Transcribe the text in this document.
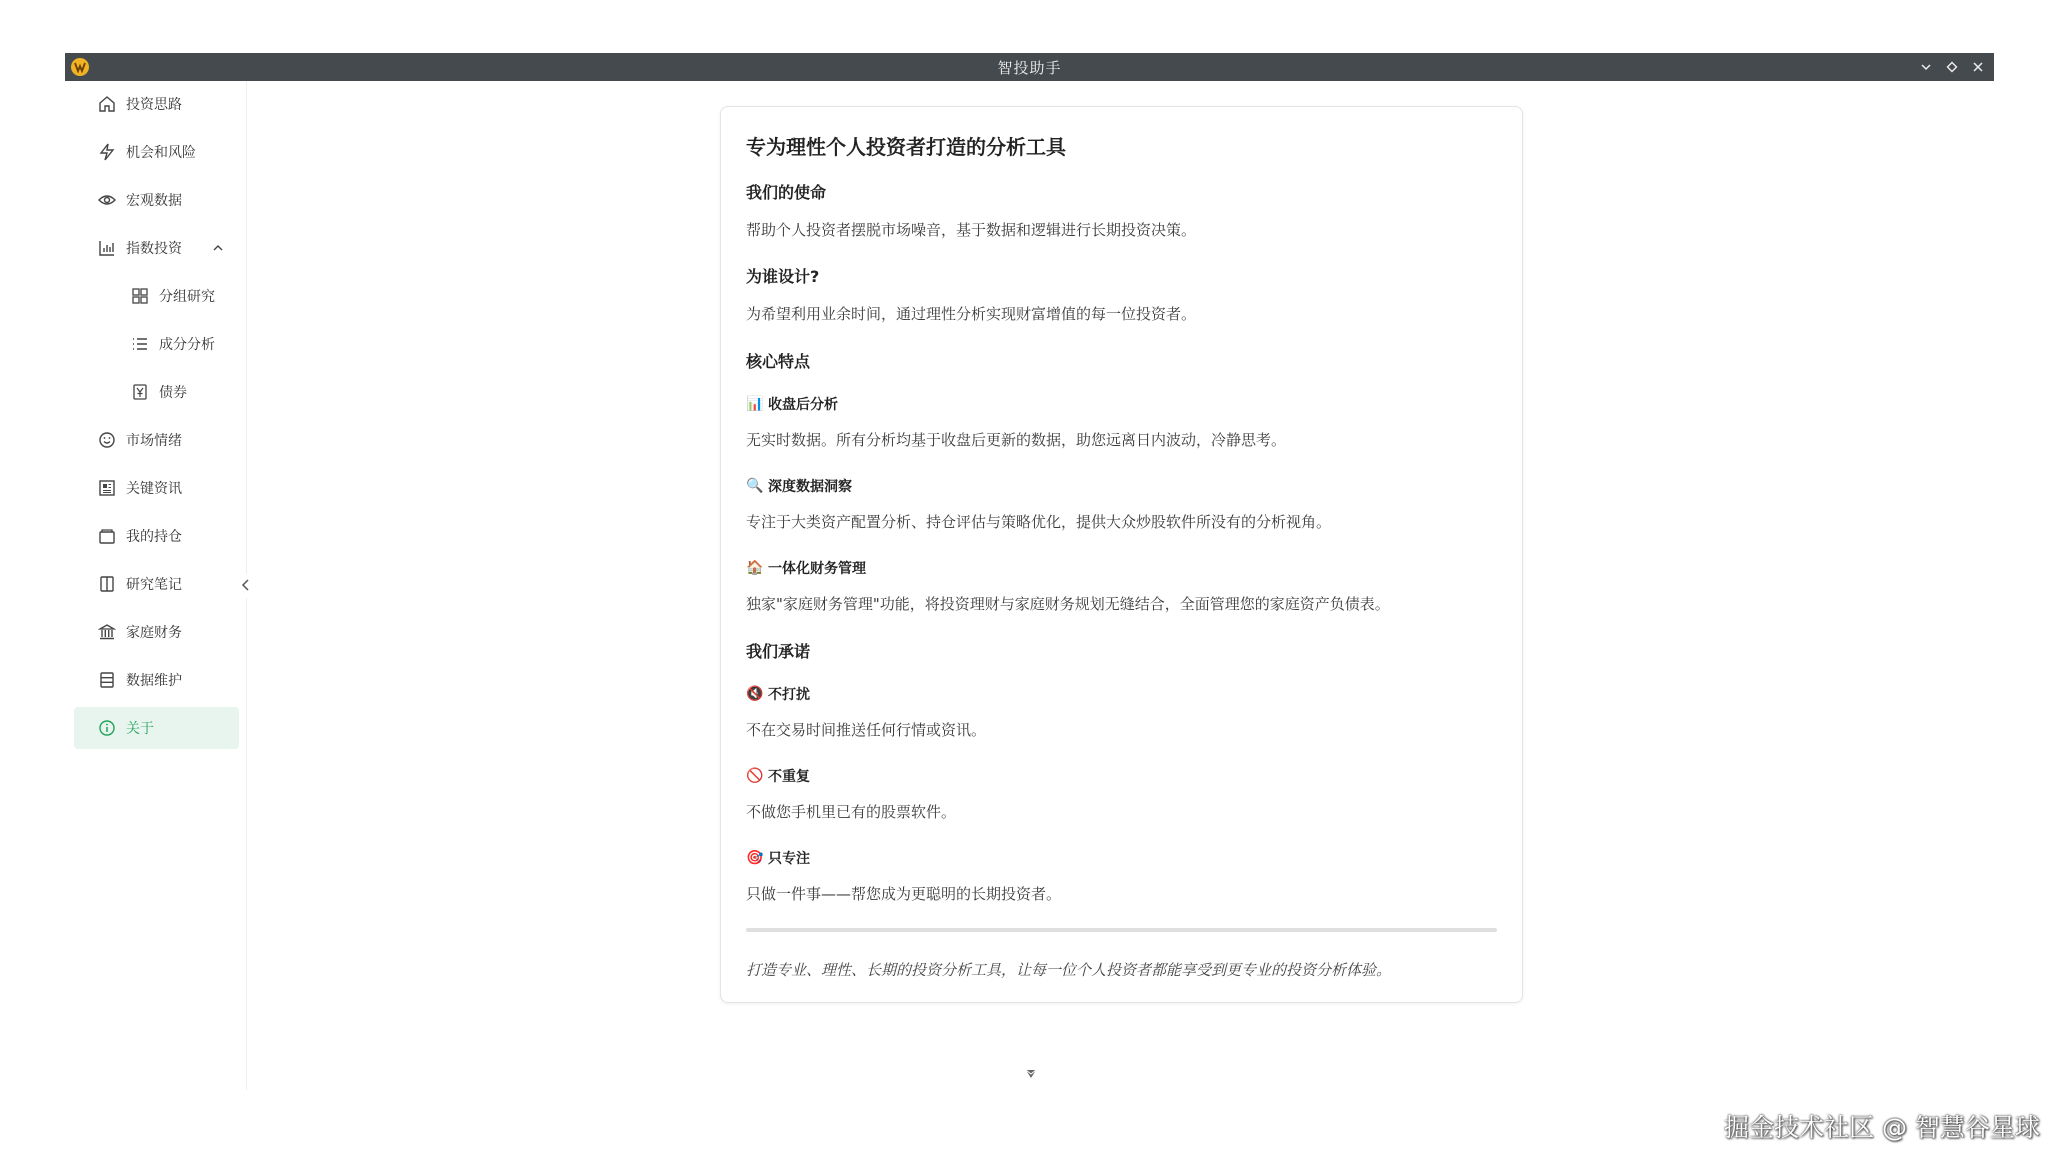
智投助手
投资思路
机会和风险
宏观数据
指数投资
分组研究
成分分析
债券
市场情绪
关键资讯
我的持仓
研究笔记
家庭财务
数据维护
关于
专为理性个人投资者打造的分析工具
我们的使命
帮助个人投资者摆脱市场噪音，基于数据和逻辑进行长期投资决策。
为谁设计?
为希望利用业余时间，通过理性分析实现财富增值的每一位投资者。
核心特点
📊 收盘后分析
无实时数据。所有分析均基于收盘后更新的数据，助您远离日内波动，冷静思考。
🔍 深度数据洞察
专注于大类资产配置分析、持仓评估与策略优化，提供大众炒股软件所没有的分析视角。
🏠 一体化财务管理
独家"家庭财务管理"功能，将投资理财与家庭财务规划无缝结合，全面管理您的家庭资产负债表。
我们承诺
🔇 不打扰
不在交易时间推送任何行情或资讯。
🚫 不重复
不做您手机里已有的股票软件。
🎯 只专注
只做一件事——帮您成为更聪明的长期投资者。
打造专业、理性、长期的投资分析工具，让每一位个人投资者都能享受到更专业的投资分析体验。
掘金技术社区 @ 智慧谷星球
